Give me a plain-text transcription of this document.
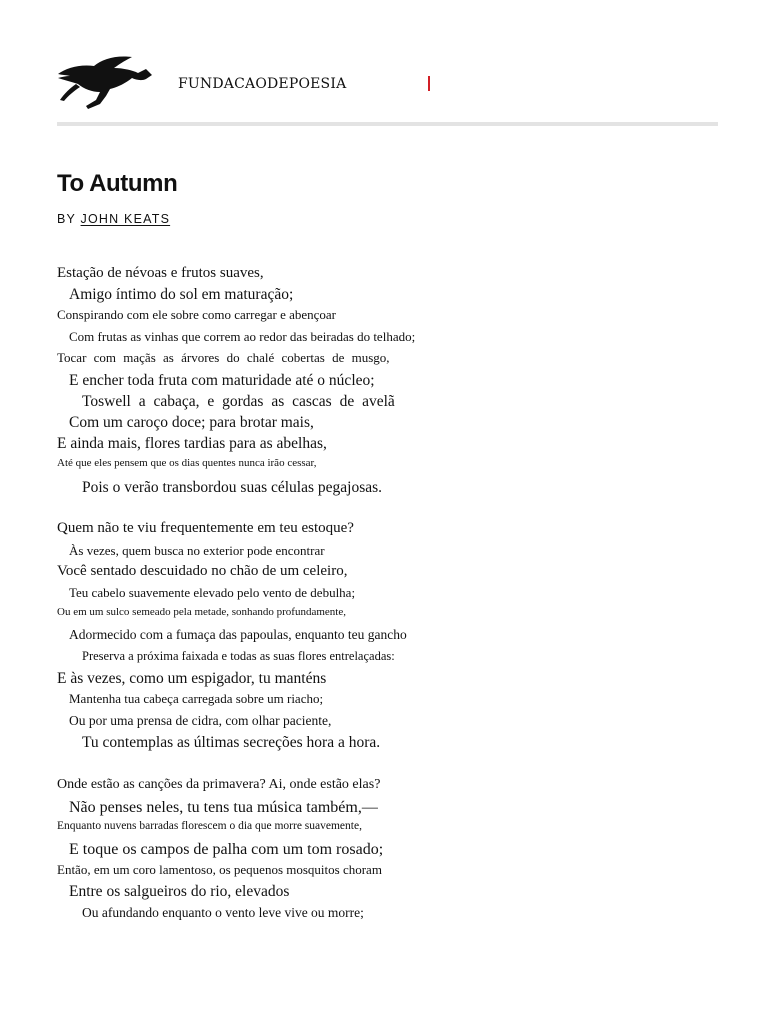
FUNDACAODEPOESIA
To Autumn
BY JOHN KEATS
Estação de névoas e frutos suaves,
Amigo íntimo do sol em maturação;
Conspirando com ele sobre como carregar e abençoar
Com frutas as vinhas que correm ao redor das beiradas do telhado;
Tocar com maçãs as árvores do chalé cobertas de musgo,
E encher toda fruta com maturidade até o núcleo;
Toswell a cabaça, e gordas as cascas de avelã
Com um caroço doce; para brotar mais,
E ainda mais, flores tardias para as abelhas,
Até que eles pensem que os dias quentes nunca irão cessar,
Pois o verão transbordou suas células pegajosas.
Quem não te viu frequentemente em teu estoque?
Às vezes, quem busca no exterior pode encontrar
Você sentado descuidado no chão de um celeiro,
Teu cabelo suavemente elevado pelo vento de debulha;
Ou em um sulco semeado pela metade, sonhando profundamente,
Adormecido com a fumaça das papoulas, enquanto teu gancho
Preserva a próxima faixada e todas as suas flores entrelaçadas:
E às vezes, como um espigador, tu manténs
Mantenha tua cabeça carregada sobre um riacho;
Ou por uma prensa de cidra, com olhar paciente,
Tu contemplas as últimas secreções hora a hora.
Onde estão as canções da primavera? Ai, onde estão elas?
Não penses neles, tu tens tua música também,—
Enquanto nuvens barradas florescem o dia que morre suavemente,
E toque os campos de palha com um tom rosado;
Então, em um coro lamentoso, os pequenos mosquitos choram
Entre os salgueiros do rio, elevados
Ou afundando enquanto o vento leve vive ou morre;
